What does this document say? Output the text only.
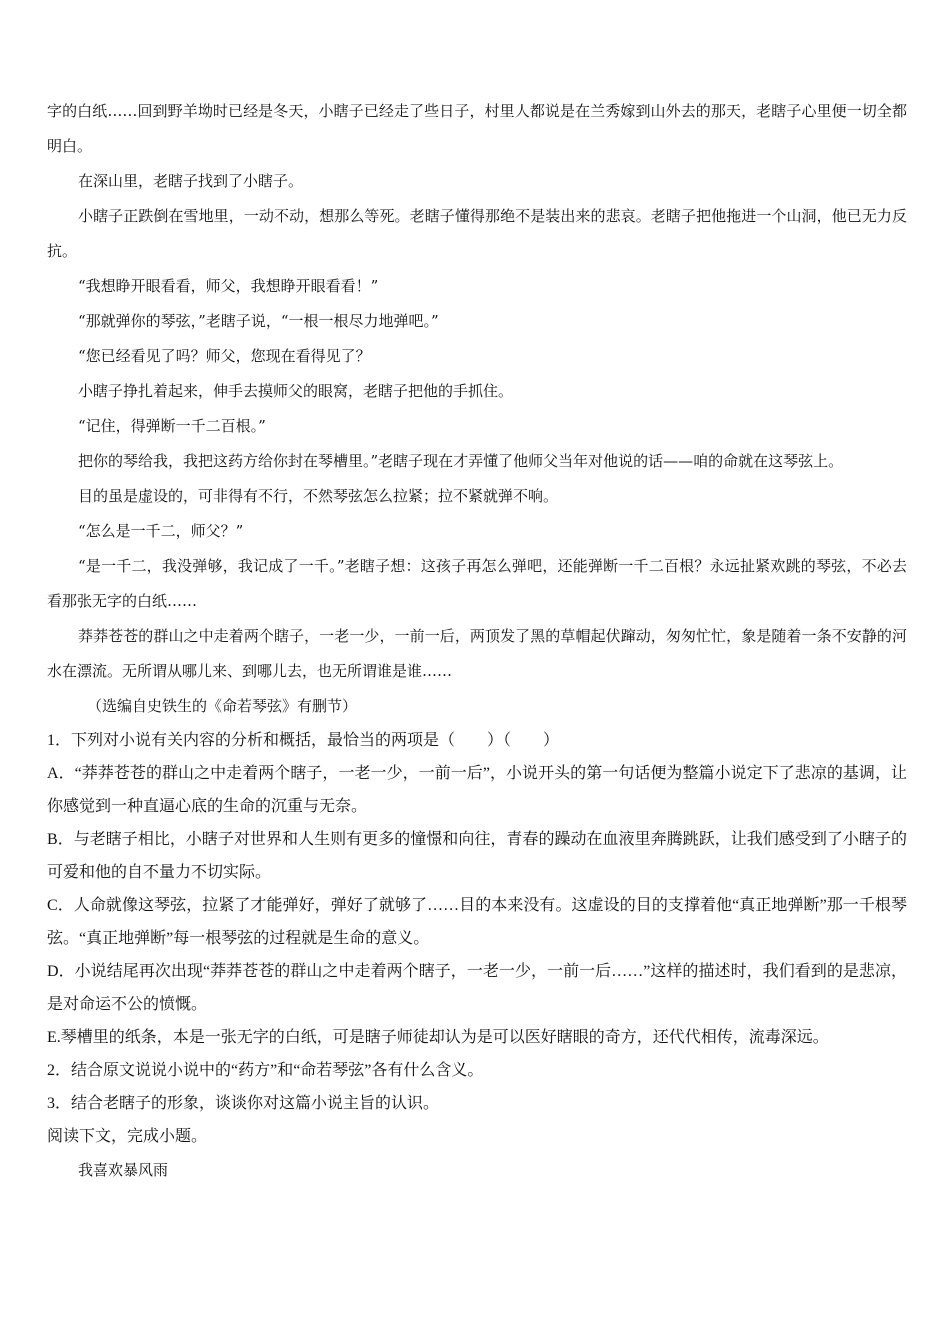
字的白纸……回到野羊坳时已经是冬天，小瞎子已经走了些日子，村里人都说是在兰秀嫁到山外去的那天，老瞎子心里便一切全都明白。

在深山里，老瞎子找到了小瞎子。

小瞎子正跌倒在雪地里，一动不动，想那么等死。老瞎子懂得那绝不是装出来的悲哀。老瞎子把他拖进一个山洞，他已无力反抗。

“我想睁开眼看看，师父，我想睁开眼看看！”

“那就弹你的琴弦，”老瞎子说，“一根一根尽力地弹吧。”

“您已经看见了吗？师父，您现在看得见了？

小瞎子挣扎着起来，伸手去摸师父的眼窝，老瞎子把他的手抓住。

“记住，得弹断一千二百根。”

把你的琴给我，我把这药方给你封在琴槽里。”老瞎子现在才弄懂了他师父当年对他说的话——咱的命就在这琴弦上。

目的虽是虚设的，可非得有不行，不然琴弦怎么拉紧；拉不紧就弹不响。

“怎么是一千二，师父？”

“是一千二，我没弹够，我记成了一千。”老瞎子想：这孩子再怎么弹吧，还能弹断一千二百根？永远扯紧欢跳的琴弦，不必去看那张无字的白纸……

莽莽苍苍的群山之中走着两个瞎子，一老一少，一前一后，两顶发了黑的草帽起伏蹿动，匆匆忙忙，象是随着一条不安静的河水在漂流。无所谓从哪儿来、到哪儿去，也无所谓谁是谁……

（选编自史铁生的《命若琴弦》有删节）

1．下列对小说有关内容的分析和概括，最恰当的两项是（　　）（　　）

A．“莽莽苍苍的群山之中走着两个瞎子，一老一少，一前一后”，小说开头的第一句话便为整篇小说定下了悲凉的基调，让你感觉到一种直逼心底的生命的沉重与无奈。

B．与老瞎子相比，小瞎子对世界和人生则有更多的憧憬和向往，青春的躁动在血液里奔腾跳跃，让我们感受到了小瞎子的可爱和他的自不量力不切实际。

C．人命就像这琴弦，拉紧了才能弹好，弹好了就够了……目的本来没有。这虚设的目的支撑着他“真正地弹断”那一千根琴弦。“真正地弹断”每一根琴弦的过程就是生命的意义。

D．小说结尾再次出现“莽莽苍苍的群山之中走着两个瞎子，一老一少，一前一后……”这样的描述时，我们看到的是悲凉，是对命运不公的愤慨。

E.琴槽里的纸条，本是一张无字的白纸，可是瞎子师徒却认为是可以医好瞎眼的奇方，还代代相传，流毒深远。

2．结合原文说说小说中的“药方”和“命若琴弦”各有什么含义。

3．结合老瞎子的形象，谈谈你对这篇小说主旨的认识。

阅读下文，完成小题。

我喜欢暴风雨
